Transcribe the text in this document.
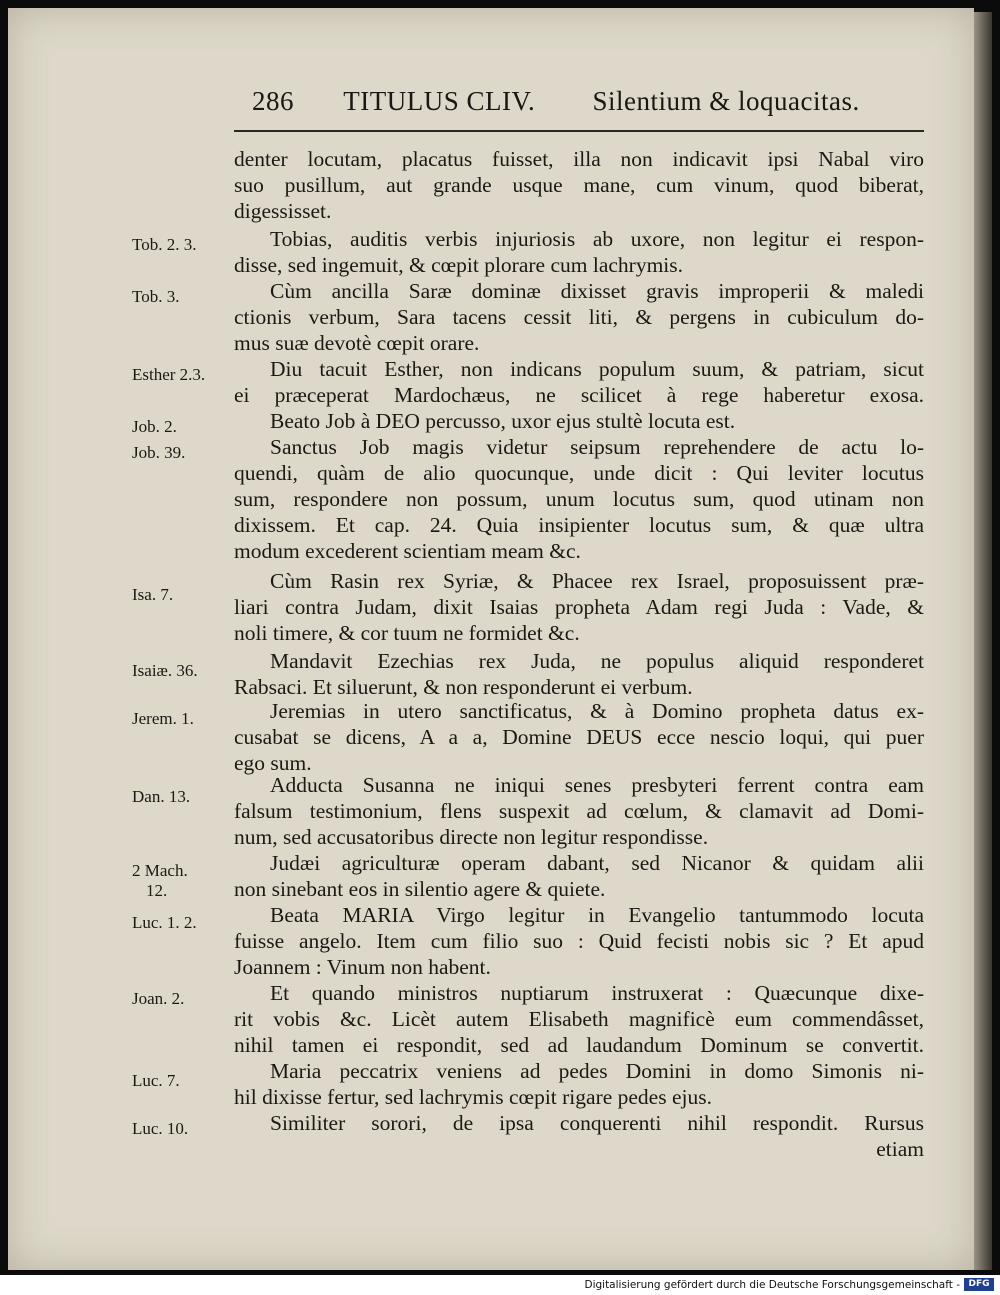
286 TITULUS CLIV. Silentium & loquacitas.
denter locutam, placatus fuisset, illa non indicavit ipsi Nabal viro
suo pusillum, aut grande usque mane, cum vinum, quod biberat,
digessisset.
Tob. 2. 3.	Tobias, auditis verbis injuriosis ab uxore, non legitur ei respon-
disse, sed ingemuit, & cœpit plorare cum lachrymis.
Tob. 3.	Cùm ancilla Saræ dominæ dixisset gravis improperii & maledi
ctionis verbum, Sara tacens cessit liti, & pergens in cubiculum do-
mus suæ devotè cœpit orare.
Esther 2.3.	Diu tacuit Esther, non indicans populum suum, & patriam, sicut
ei præceperat Mardochæus, ne scilicet à rege haberetur exosa.
Job. 2.	Beato Job à DEO percusso, uxor ejus stultè locuta est.
Job. 39.	Sanctus Job magis videtur seipsum reprehendere de actu lo-
quendi, quàm de alio quocunque, unde dicit : Qui leviter locutus
sum, respondere non possum, unum locutus sum, quod utinam non
dixissem. Et cap. 24. Quia insipienter locutus sum, & quæ ultra
modum excederent scientiam meam &c.
Isa. 7.
Cùm Rasin rex Syriæ, & Phacee rex Israel, proposuissent præ-
liari contra Judam, dixit Isaias propheta Adam regi Juda : Vade, &
noli timere, & cor tuum ne formidet &c.
Isaiæ. 36.	Mandavit Ezechias rex Juda, ne populus aliquid responderet
Rabsaci. Et siluerunt, & non responderunt ei verbum.
Jerem. 1.	Jeremias in utero sanctificatus, & à Domino propheta datus ex-
cusabat se dicens, A a a, Domine DEUS ecce nescio loqui, qui puer
ego sum.
Dan. 13.	Adducta Susanna ne iniqui senes presbyteri ferrent contra eam
falsum testimonium, flens suspexit ad cœlum, & clamavit ad Domi-
num, sed accusatoribus directe non legitur respondisse.
2 Mach.
12.
Judæi agriculturæ operam dabant, sed Nicanor & quidam alii
non sinebant eos in silentio agere & quiete.
Luc. 1. 2.	Beata MARIA Virgo legitur in Evangelio tantummodo locuta
fuisse angelo. Item cum filio suo : Quid fecisti nobis sic ? Et apud
Joannem : Vinum non habent.
Joan. 2.	Et quando ministros nuptiarum instruxerat : Quæcunque dixe-
rit vobis &c. Licèt autem Elisabeth magnificè eum commendâsset,
nihil tamen ei respondit, sed ad laudandum Dominum se convertit.
Luc. 7.	Maria peccatrix veniens ad pedes Domini in domo Simonis ni-
hil dixisse fertur, sed lachrymis cœpit rigare pedes ejus.
Luc. 10.	Similiter sorori, de ipsa conquerenti nihil respondit. Rursus
etiam
Digitalisierung gefördert durch die Deutsche Forschungsgemeinschaft - DFG
